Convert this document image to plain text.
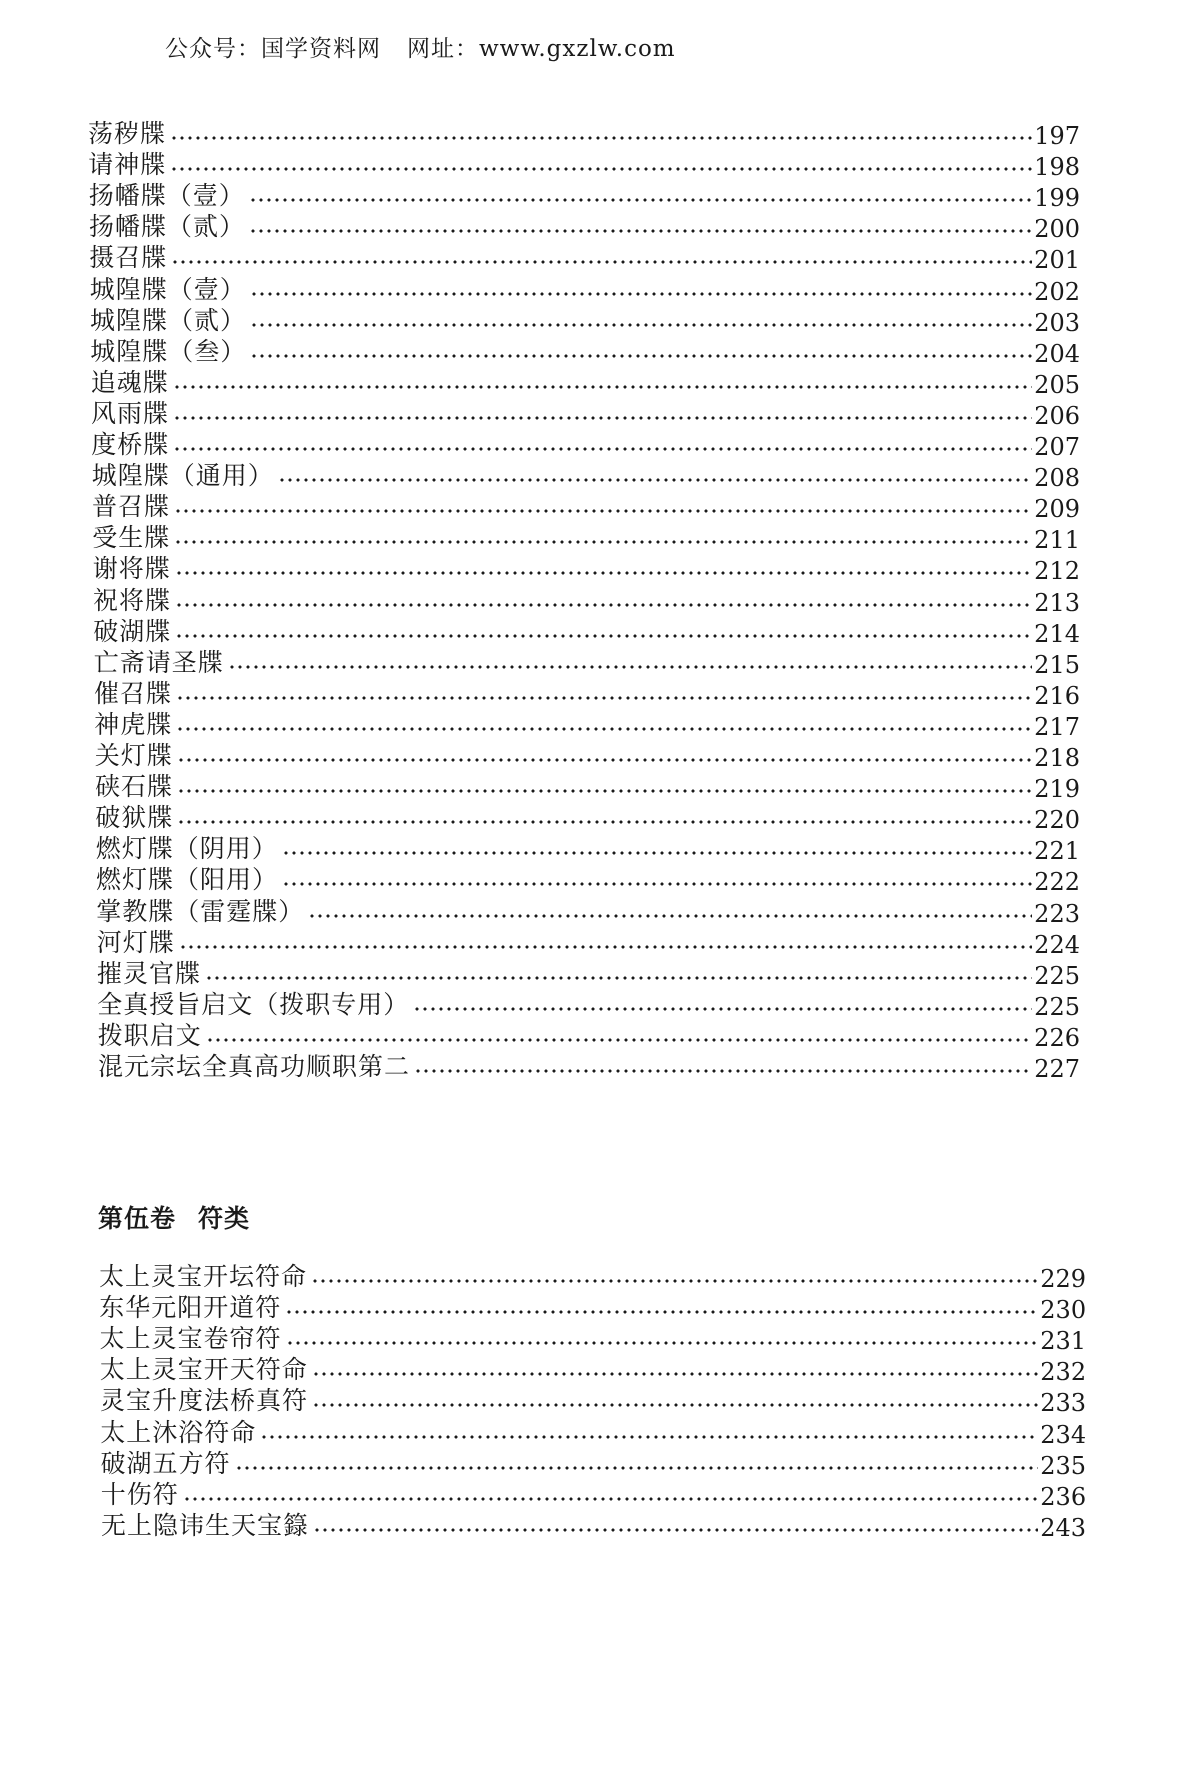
公众号：国学资料网 网址：www.gxzlw.com
第伍卷 符类
荡秽牒	197
请神牒	198
扬幡牒（壹）	199
扬幡牒（贰）	200
摄召牒	201
城隍牒（壹）	202
城隍牒（贰）	203
城隍牒（叁）	204
追魂牒	205
风雨牒	206
度桥牒	207
城隍牒（通用）	208
普召牒	209
受生牒	211
谢将牒	212
祝将牒	213
破湖牒	214
亡斋请圣牒	215
催召牒	216
神虎牒	217
关灯牒	218
硖石牒	219
破狱牒	220
燃灯牒（阴用）	221
燃灯牒（阳用）	222
掌教牒（雷霆牒）	223
河灯牒	224
摧灵官牒	225
全真授旨启文（拨职专用）	225
拨职启文	226
混元宗坛全真高功顺职第二	227
太上灵宝开坛符命	229
东华元阳开道符	230
太上灵宝卷帘符	231
太上灵宝开天符命	232
灵宝升度法桥真符	233
太上沐浴符命	234
破湖五方符	235
十伤符	236
无上隐讳生天宝籙	243
